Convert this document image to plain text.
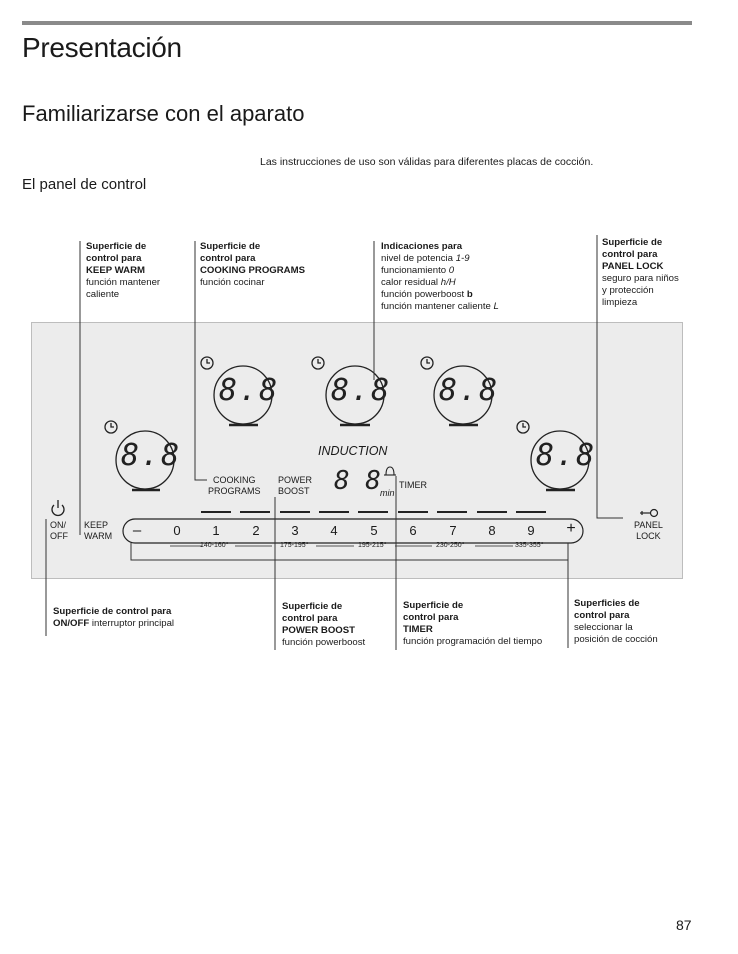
Presentación
Familiarizarse con el aparato
Las instrucciones de uso son válidas para diferentes placas de cocción.
El panel de control
Superficie de
control para
KEEP WARM
función mantener
caliente
Superficie de
control para
COOKING PROGRAMS
función cocinar
Indicaciones para
nivel de potencia 1-9
funcionamiento 0
calor residual h/H
función powerboost b
función mantener caliente L
Superficie de
control para
PANEL LOCK
seguro para niños
y protección
limpieza
8.8
8.8 8.8 8.8
8.8
8 8 min
INDUCTION
ON/
OFF
KEEP
WARM
COOKING
PROGRAMS
POWER
BOOST
TIMER
PANEL
LOCK
–	0	1	2	3	4	5	6	7	8	9	+
140-160°	175-195°	195-215°	230-250°	335-355°
Superficie de control para
ON/OFF interruptor principal
Superficie de
control para
POWER BOOST
función powerboost
Superficie de
control para
TIMER
función programación del tiempo
Superficies de
control para
seleccionar la
posición de cocción
87
